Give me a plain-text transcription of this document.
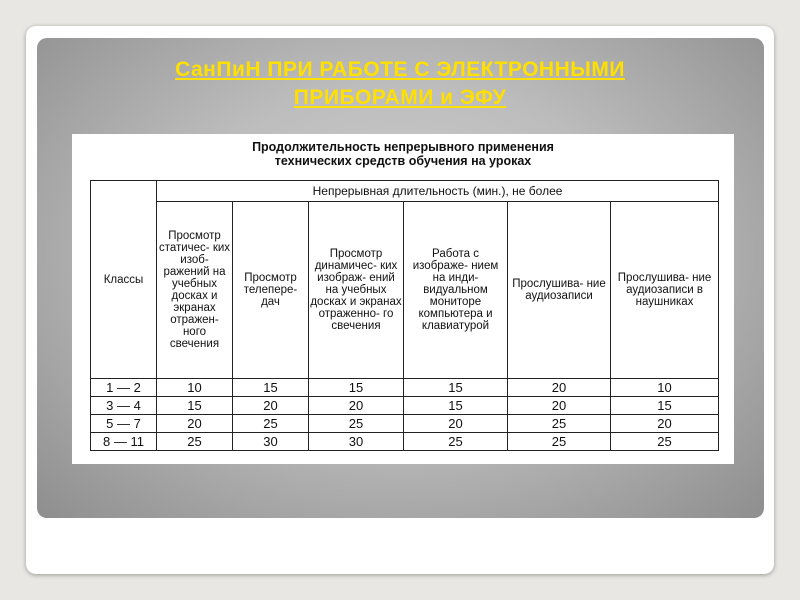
СанПиН ПРИ РАБОТЕ С ЭЛЕКТРОННЫМИ
ПРИБОРАМИ и ЭФУ
Продолжительность непрерывного применения
технических средств обучения на уроках
Классы	Непрерывная длительность (мин.), не более					
	Просмотр статичес- ких изоб- ражений на учебных досках и экранах отражен- ного свечения	Просмотр телепере- дач	Просмотр динамичес- ких изображ- ений на учебных досках и экранах отраженно- го свечения	Работа с изображе- нием на инди- видуальном мониторе компьютера и клавиатурой	Прослушива- ние аудиозаписи	Прослушива- ние аудиозаписи в наушниках
1 — 2	10	15	15	15	20	10
3 — 4	15	20	20	15	20	15
5 — 7	20	25	25	20	25	20
8 — 11	25	30	30	25	25	25
